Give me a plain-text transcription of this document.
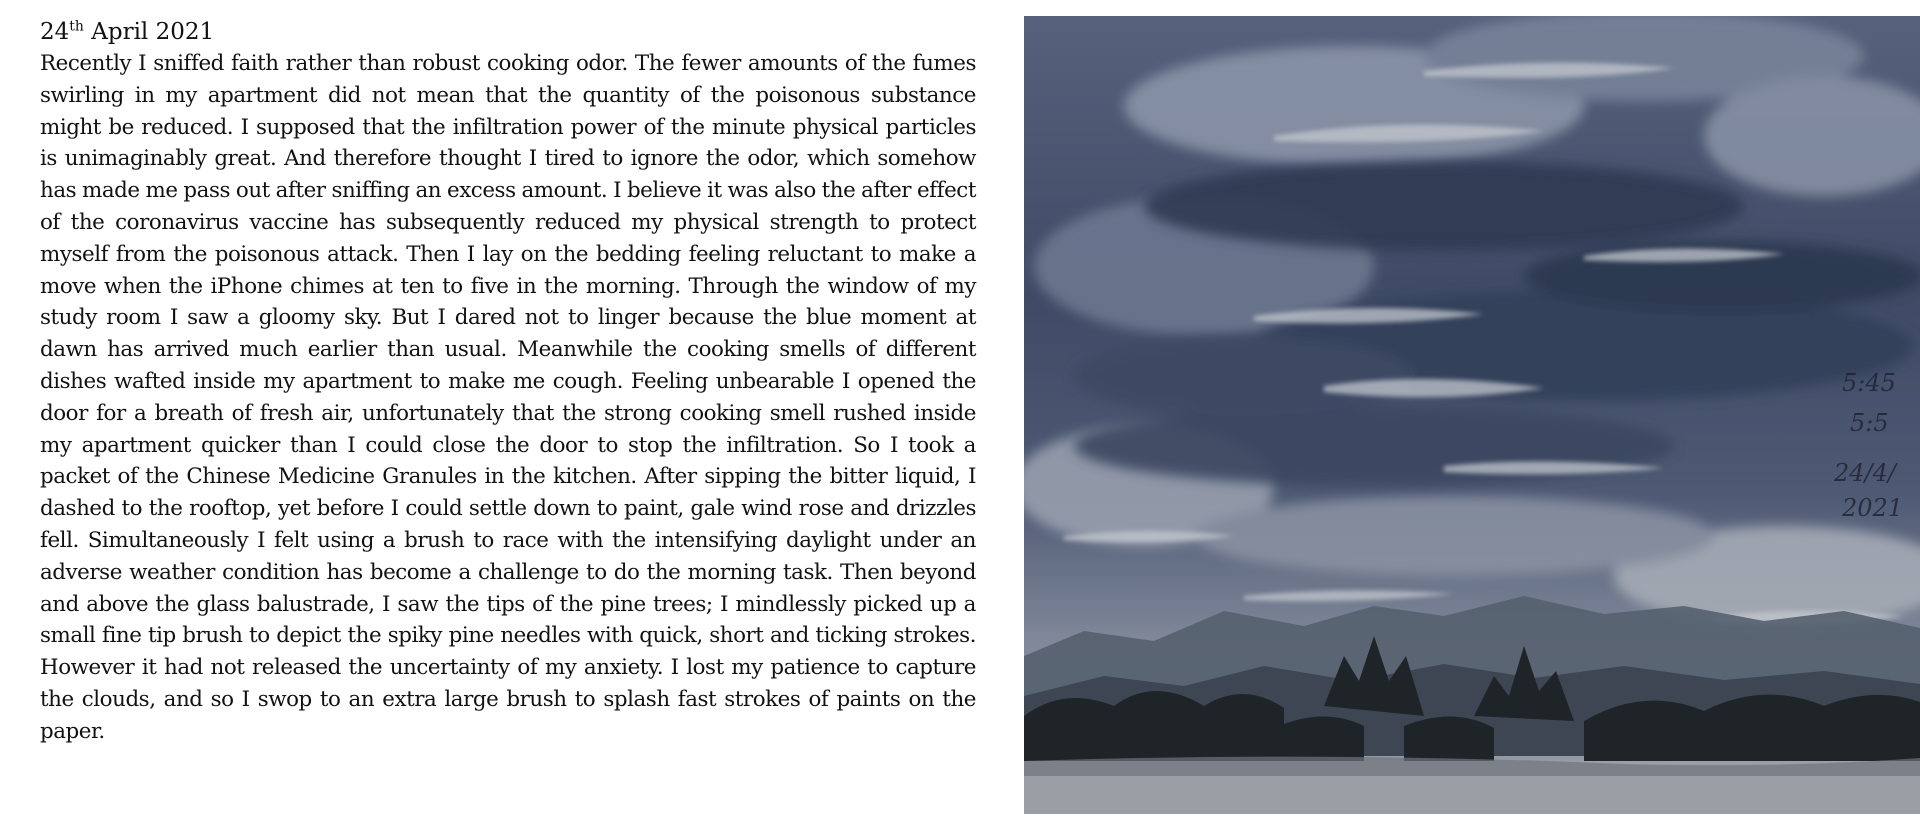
24th April 2021

Recently I sniffed faith rather than robust cooking odor. The fewer amounts of the fumes swirling in my apartment did not mean that the quantity of the poisonous substance might be reduced. I supposed that the infiltration power of the minute physical particles is unimaginably great. And therefore thought I tired to ignore the odor, which somehow has made me pass out after sniffing an excess amount. I believe it was also the after effect of the coronavirus vaccine has subsequently reduced my physical strength to protect myself from the poisonous attack. Then I lay on the bedding feeling reluctant to make a move when the iPhone chimes at ten to five in the morning. Through the window of my study room I saw a gloomy sky. But I dared not to linger because the blue moment at dawn has arrived much earlier than usual. Meanwhile the cooking smells of different dishes wafted inside my apartment to make me cough. Feeling unbearable I opened the door for a breath of fresh air, unfortunately that the strong cooking smell rushed inside my apartment quicker than I could close the door to stop the infiltration. So I took a packet of the Chinese Medicine Granules in the kitchen. After sipping the bitter liquid, I dashed to the rooftop, yet before I could settle down to paint, gale wind rose and drizzles fell. Simultaneously I felt using a brush to race with the intensifying daylight under an adverse weather condition has become a challenge to do the morning task. Then beyond and above the glass balustrade, I saw the tips of the pine trees; I mindlessly picked up a small fine tip brush to depict the spiky pine needles with quick, short and ticking strokes. However it had not released the uncertainty of my anxiety. I lost my patience to capture the clouds, and so I swop to an extra large brush to splash fast strokes of paints on the paper.

5:45
5:5
24/4/
2021
